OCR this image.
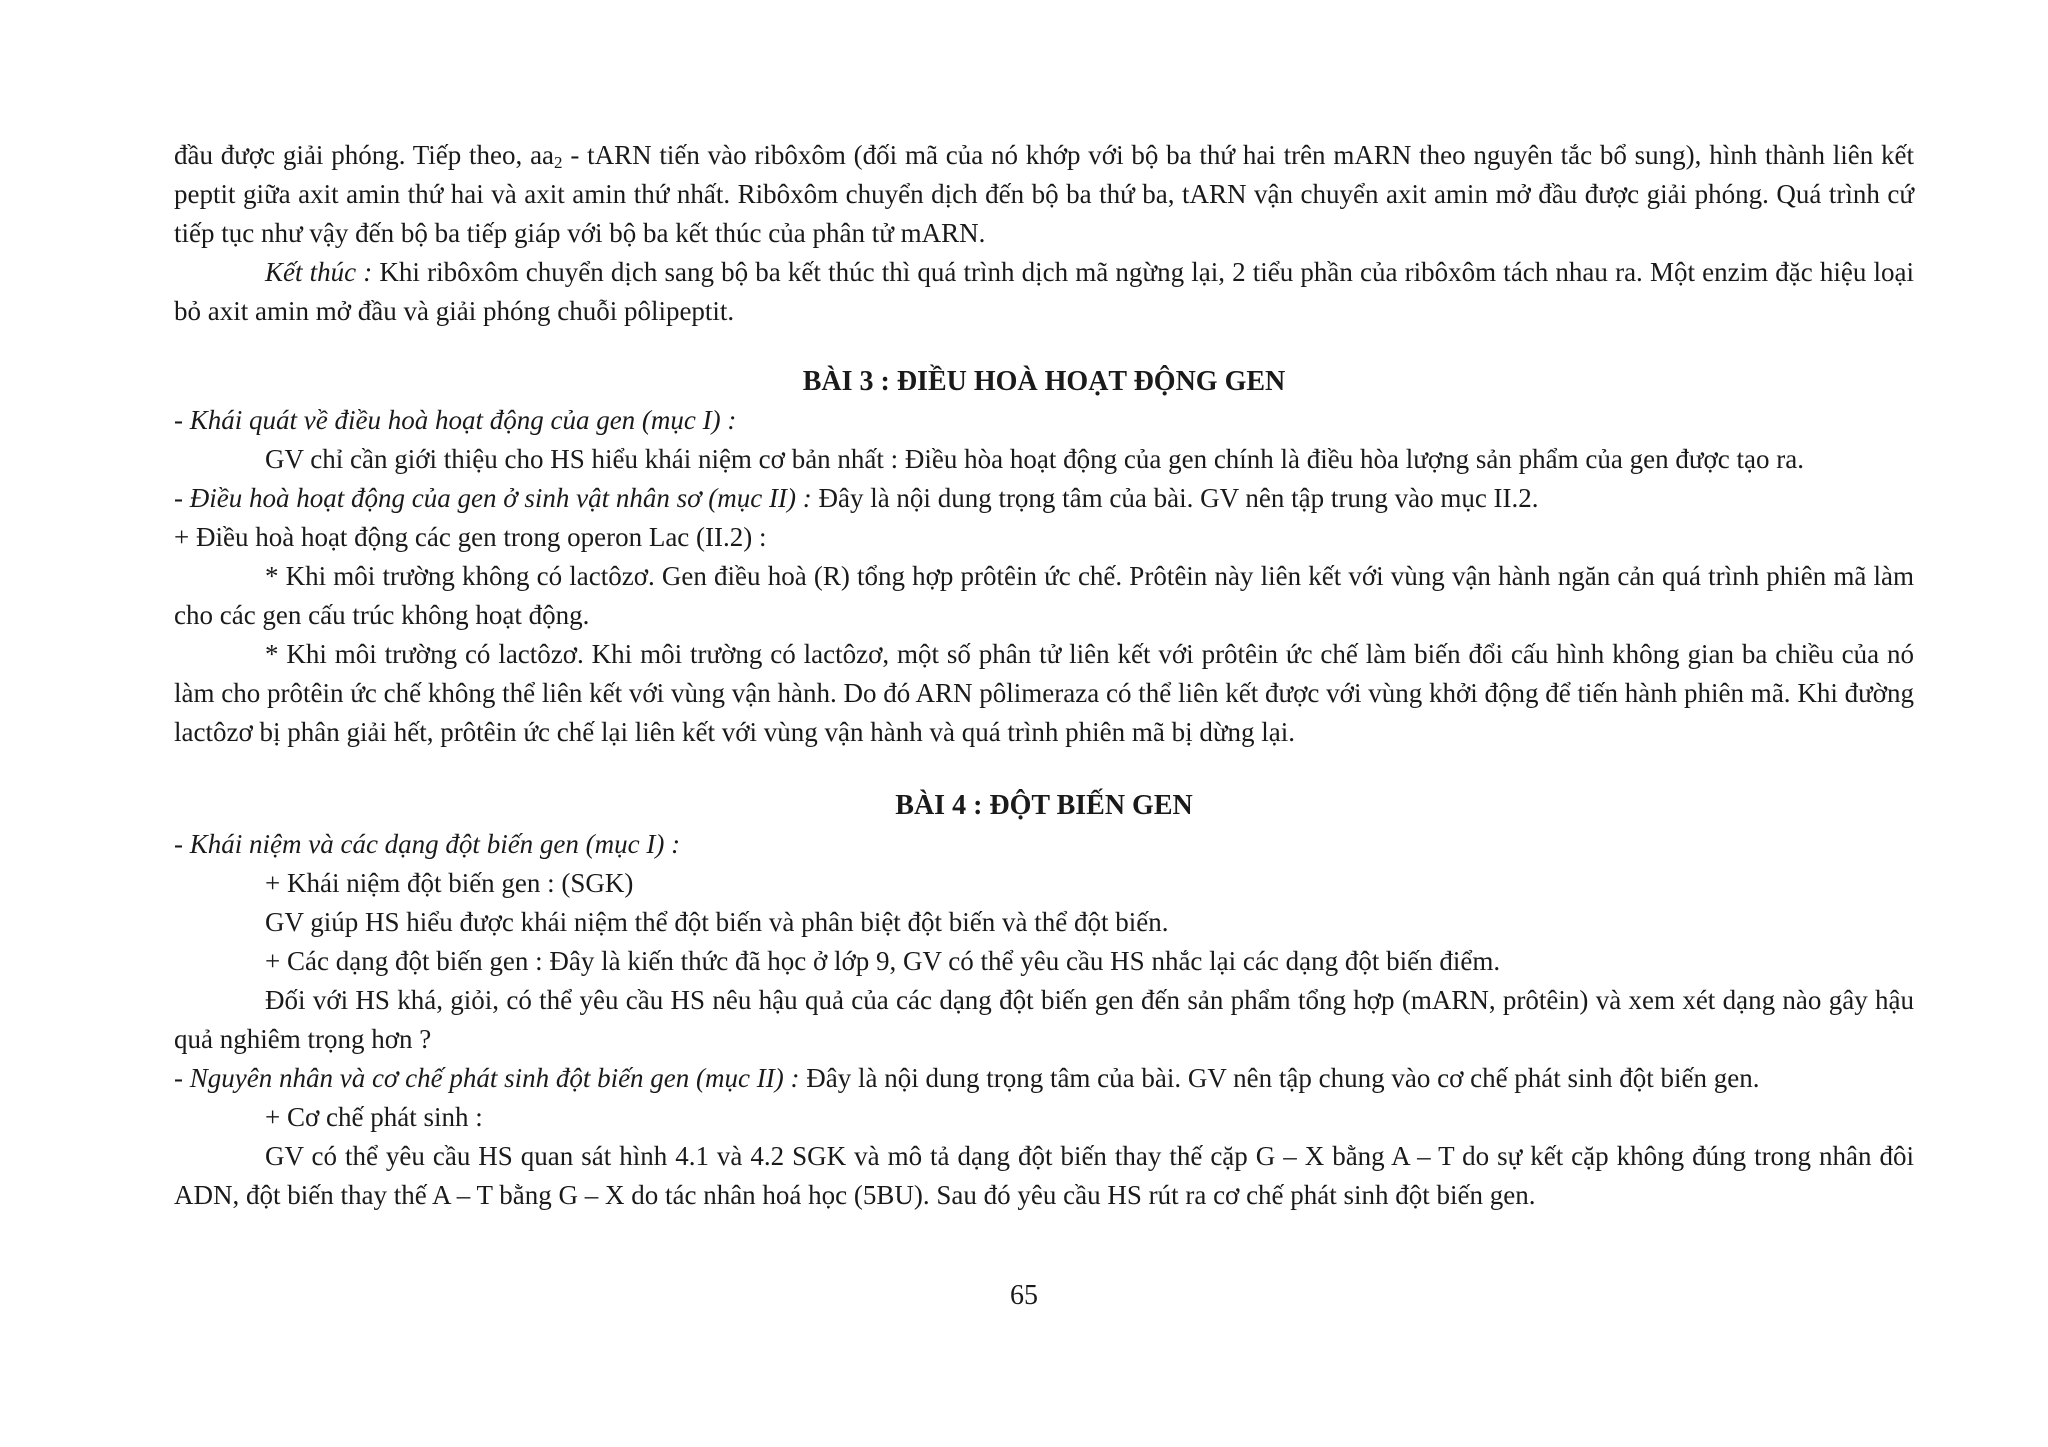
đầu được giải phóng. Tiếp theo, $aa_2$ - tARN tiến vào ribôxôm (đối mã của nó khớp với bộ ba thứ hai trên mARN theo nguyên tắc bổ sung), hình thành liên kết peptit giữa axit amin thứ hai và axit amin thứ nhất. Ribôxôm chuyển dịch đến bộ ba thứ ba, tARN vận chuyển axit amin mở đầu được giải phóng. Quá trình cứ tiếp tục như vậy đến bộ ba tiếp giáp với bộ ba kết thúc của phân tử mARN.

Kết thúc : Khi ribôxôm chuyển dịch sang bộ ba kết thúc thì quá trình dịch mã ngừng lại, 2 tiểu phần của ribôxôm tách nhau ra. Một enzim đặc hiệu loại bỏ axit amin mở đầu và giải phóng chuỗi pôlipeptit.

BÀI 3 : ĐIỀU HOÀ HOẠT ĐỘNG GEN

- Khái quát về điều hoà hoạt động của gen (mục I) :

GV chỉ cần giới thiệu cho HS hiểu khái niệm cơ bản nhất : Điều hòa hoạt động của gen chính là điều hòa lượng sản phẩm của gen được tạo ra.

- Điều hoà hoạt động của gen ở sinh vật nhân sơ (mục II) : Đây là nội dung trọng tâm của bài. GV nên tập trung vào mục II.2.

+ Điều hoà hoạt động các gen trong operon Lac (II.2) :

* Khi môi trường không có lactôzơ. Gen điều hoà (R) tổng hợp prôtêin ức chế. Prôtêin này liên kết với vùng vận hành ngăn cản quá trình phiên mã làm cho các gen cấu trúc không hoạt động.

* Khi môi trường có lactôzơ. Khi môi trường có lactôzơ, một số phân tử liên kết với prôtêin ức chế làm biến đổi cấu hình không gian ba chiều của nó làm cho prôtêin ức chế không thể liên kết với vùng vận hành. Do đó ARN pôlimeraza có thể liên kết được với vùng khởi động để tiến hành phiên mã. Khi đường lactôzơ bị phân giải hết, prôtêin ức chế lại liên kết với vùng vận hành và quá trình phiên mã bị dừng lại.

BÀI 4 : ĐỘT BIẾN GEN

- Khái niệm và các dạng đột biến gen (mục I) :

+ Khái niệm đột biến gen : (SGK)

GV giúp HS hiểu được khái niệm thể đột biến và phân biệt đột biến và thể đột biến.

+ Các dạng đột biến gen : Đây là kiến thức đã học ở lớp 9, GV có thể yêu cầu HS nhắc lại các dạng đột biến điểm.

Đối với HS khá, giỏi, có thể yêu cầu HS nêu hậu quả của các dạng đột biến gen đến sản phẩm tổng hợp (mARN, prôtêin) và xem xét dạng nào gây hậu quả nghiêm trọng hơn ?

- Nguyên nhân và cơ chế phát sinh đột biến gen (mục II) : Đây là nội dung trọng tâm của bài. GV nên tập chung vào cơ chế phát sinh đột biến gen.

+ Cơ chế phát sinh :

GV có thể yêu cầu HS quan sát hình 4.1 và 4.2 SGK và mô tả dạng đột biến thay thế cặp G – X bằng A – T do sự kết cặp không đúng trong nhân đôi ADN, đột biến thay thế A – T bằng G – X do tác nhân hoá học (5BU). Sau đó yêu cầu HS rút ra cơ chế phát sinh đột biến gen.

65
